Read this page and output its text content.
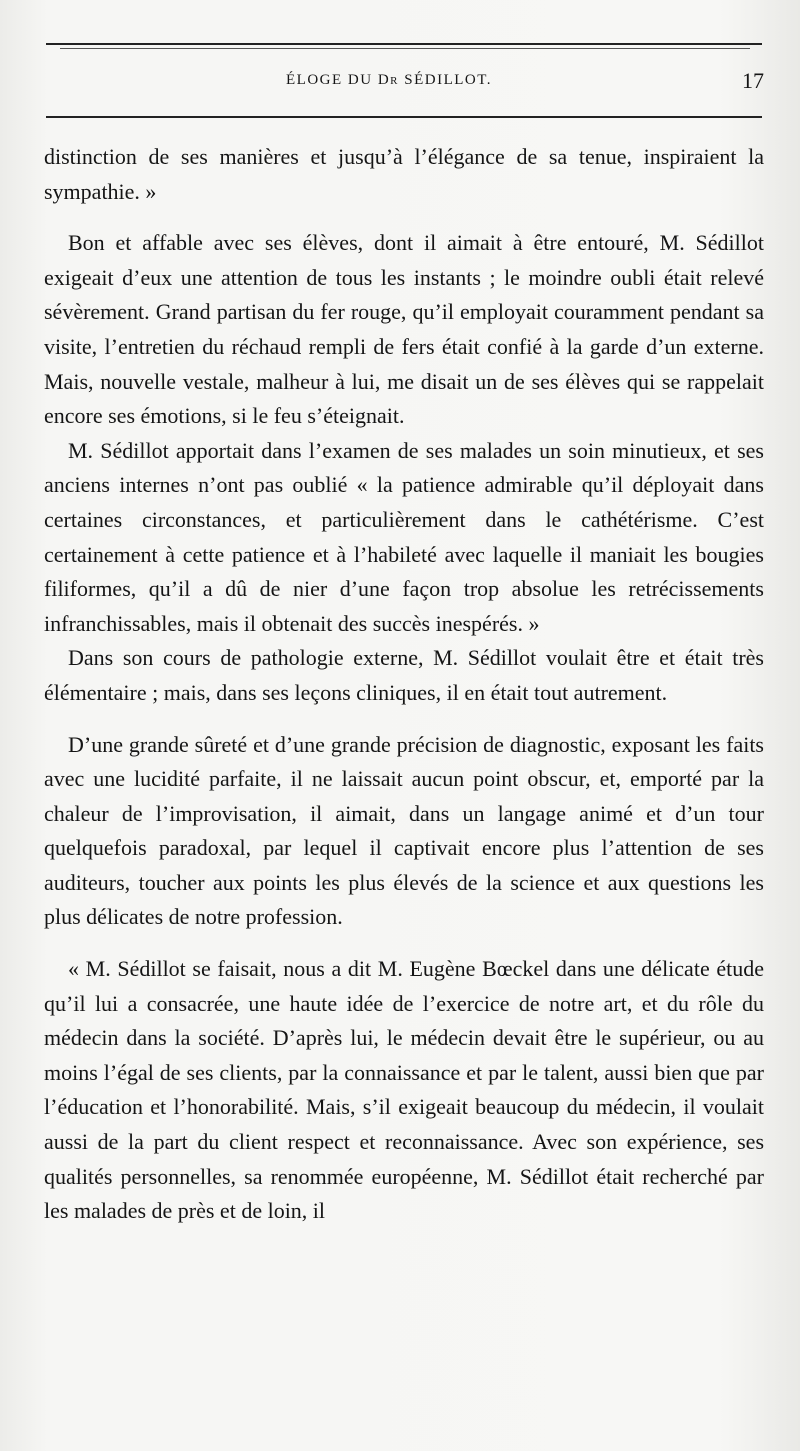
ÉLOGE DU Dr SÉDILLOT.	17

distinction de ses manières et jusqu’à l’élégance de sa tenue, inspiraient la sympathie. »

Bon et affable avec ses élèves, dont il aimait à être entouré, M. Sédillot exigeait d’eux une attention de tous les instants ; le moindre oubli était relevé sévèrement. Grand partisan du fer rouge, qu’il employait couramment pendant sa visite, l’entretien du réchaud rempli de fers était confié à la garde d’un externe. Mais, nouvelle vestale, malheur à lui, me disait un de ses élèves qui se rappelait encore ses émotions, si le feu s’éteignait.

M. Sédillot apportait dans l’examen de ses malades un soin minutieux, et ses anciens internes n’ont pas oublié « la patience admirable qu’il déployait dans certaines circonstances, et particulièrement dans le cathétérisme. C’est certainement à cette patience et à l’habileté avec laquelle il maniait les bougies filiformes, qu’il a dû de nier d’une façon trop absolue les retrécissements infranchissables, mais il obtenait des succès inespérés. »

Dans son cours de pathologie externe, M. Sédillot voulait être et était très élémentaire ; mais, dans ses leçons cliniques, il en était tout autrement.

D’une grande sûreté et d’une grande précision de diagnostic, exposant les faits avec une lucidité parfaite, il ne laissait aucun point obscur, et, emporté par la chaleur de l’improvisation, il aimait, dans un langage animé et d’un tour quelquefois paradoxal, par lequel il captivait encore plus l’attention de ses auditeurs, toucher aux points les plus élevés de la science et aux questions les plus délicates de notre profession.

« M. Sédillot se faisait, nous a dit M. Eugène Bœckel dans une délicate étude qu’il lui a consacrée, une haute idée de l’exercice de notre art, et du rôle du médecin dans la société. D’après lui, le médecin devait être le supérieur, ou au moins l’égal de ses clients, par la connaissance et par le talent, aussi bien que par l’éducation et l’honorabilité. Mais, s’il exigeait beaucoup du médecin, il voulait aussi de la part du client respect et reconnaissance. Avec son expérience, ses qualités personnelles, sa renommée européenne, M. Sédillot était recherché par les malades de près et de loin, il
